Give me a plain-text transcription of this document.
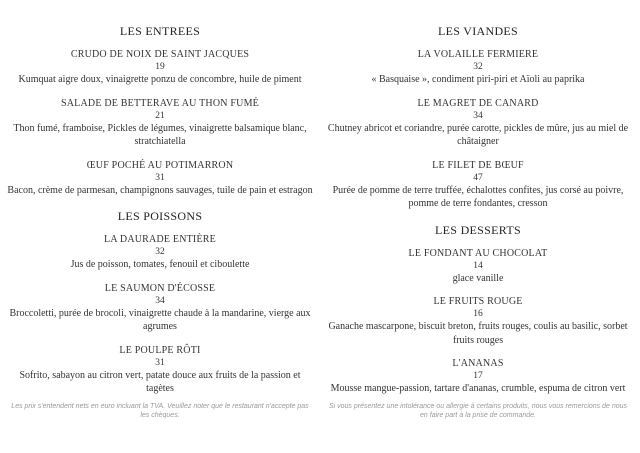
LES ENTREES
CRUDO DE NOIX DE SAINT JACQUES
19
Kumquat aigre doux, vinaigrette ponzu de concombre, huile de piment
SALADE DE BETTERAVE AU THON FUMÉ
21
Thon fumé, framboise, Pickles de légumes, vinaigrette balsamique blanc, stratchiatella
ŒUF POCHÉ AU POTIMARRON
31
Bacon, crème de parmesan, champignons sauvages, tuile de pain et estragon
LES POISSONS
LA DAURADE ENTIÈRE
32
Jus de poisson, tomates, fenouil et ciboulette
LE SAUMON D'ÉCOSSE
34
Broccoletti, purée de brocoli, vinaigrette chaude à la mandarine, vierge aux agrumes
LE POULPE RÔTI
31
Sofrito, sabayon au citron vert, patate douce aux fruits de la passion et tagètes
Les prix s'entendent nets en euro incluant la TVA. Veuillez noter que le restaurant n'accepte pas les chèques.
LES VIANDES
LA VOLAILLE FERMIERE
32
« Basquaise », condiment piri-piri et Aïoli au paprika
LE MAGRET DE CANARD
34
Chutney abricot et coriandre, purée carotte, pickles de mûre, jus au miel de châtaigner
LE FILET DE BŒUF
47
Purée de pomme de terre truffée, échalottes confites, jus corsé au poivre, pomme de terre fondantes, cresson
LES DESSERTS
LE FONDANT AU CHOCOLAT
14
glace vanille
LE FRUITS ROUGE
16
Ganache mascarpone, biscuit breton, fruits rouges, coulis au basilic, sorbet fruits rouges
L'ANANAS
17
Mousse mangue-passion, tartare d'ananas, crumble, espuma de citron vert
Si vous présentez une intolérance ou allergie à certains produits, nous vous remercions de nous en faire part à la prise de commande.
